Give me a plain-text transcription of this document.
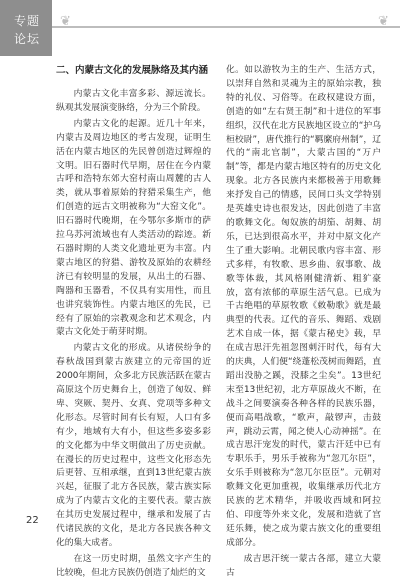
专题
论坛
❦	❦
二、内蒙古文化的发展脉络及其内涵

内蒙古文化丰富多彩、源远流长。纵观其发展演变脉络，分为三个阶段。

内蒙古文化的起源。近几十年来，内蒙古及周边地区的考古发现，证明生活在内蒙古地区的先民曾创造过辉煌的文明。旧石器时代早期，居住在今内蒙古呼和浩特东郊大窑村南山周麓的古人类，就从事着原始的狩猎采集生产，他们创造的远古文明被称为“大窑文化”。旧石器时代晚期，在今鄂尔多斯市的萨拉乌苏河流域也有人类活动的踪迹。新石器时期的人类文化遗址更为丰富。内蒙古地区的狩猎、游牧及原始的农耕经济已有较明显的发展，从出土的石器、陶器和玉器看，不仅具有实用性，而且也讲究装饰性。内蒙古地区的先民，已经有了原始的宗教观念和艺术观念，内蒙古文化处于萌芽时期。

内蒙古文化的形成。从诸侯纷争的春秋战国到蒙古族建立的元帝国的近2000年期间，众多北方民族活跃在蒙古高原这个历史舞台上，创造了匈奴、鲜卑、突厥、契丹、女真、党项等多种文化形态。尽管时间有长有短，人口有多有少，地域有大有小，但这些多姿多彩的文化都为中华文明做出了历史贡献。在漫长的历史过程中，这些文化形态先后更替、互相承继，直到13世纪蒙古族兴起，征服了北方各民族，蒙古族实际成为了内蒙古文化的主要代表。蒙古族在其历史发展过程中，继承和发展了古代诸民族的文化，是北方各民族各种文化的集大成者。

在这一历史时期，虽然文字产生的比较晚，但北方民族仍创造了灿烂的文

化。如以游牧为主的生产、生活方式，以崇拜自然和灵魂为主的原始宗教，独特的礼仪、习俗等。在政权建设方面，创造的如“左右贤王制”和十进位的军事组织，汉代在北方民族地区设立的“护乌桓校尉”，唐代推行的“羁縻府州制”，辽代的“南北官制”，大蒙古国的“万户制”等，都是内蒙古地区特有的历史文化现象。北方各民族内来都极善于用歌舞来抒发自己的情感，民间口头文学特别是英雄史诗也很发达，因此创造了丰富的歌舞文化。匈奴族的胡笳、胡舞、胡乐，已达到很高水平，并对中原文化产生了重大影响。北朝民歌内容丰富、形式多样，有牧歌、思乡曲、叙事歌、战歌等体裁，其风格刚健清新、粗犷豪放，富有浓郁的草原生活气息。已成为千古绝唱的草原牧歌《敕勒歌》就是最典型的代表。辽代的音乐、舞蹈、戏剧艺术自成一体，据《蒙古秘史》载，早在成吉思汗先祖忽图刺汗时代，每有大的庆典，人们便“绕蓬松茂树而舞蹈，直蹈出没胁之蹊，没膝之尘矣”。13世纪末至13世纪初，北方草原战火不断，在战斗之间要演奏各种各样的民族乐器，便而高唱战歌，“歌声，敲锣声，击鼓声，跳动云霄，闻之使人心动神摇”。在成吉思汗宠发的时代，蒙古汗廷中已有专职乐手，男乐手被称为“忽兀尔臣”，女乐手则被称为“忽兀尔臣臣”。元朝对歌舞文化更加重视，收集继承历代北方民族的艺术精华，并吸收西域和阿拉伯、印度等外来文化，发展和造就了宫廷乐舞，使之成为蒙古族文化的重要组成部分。

成吉思汗统一蒙古各部，建立大蒙古

22
